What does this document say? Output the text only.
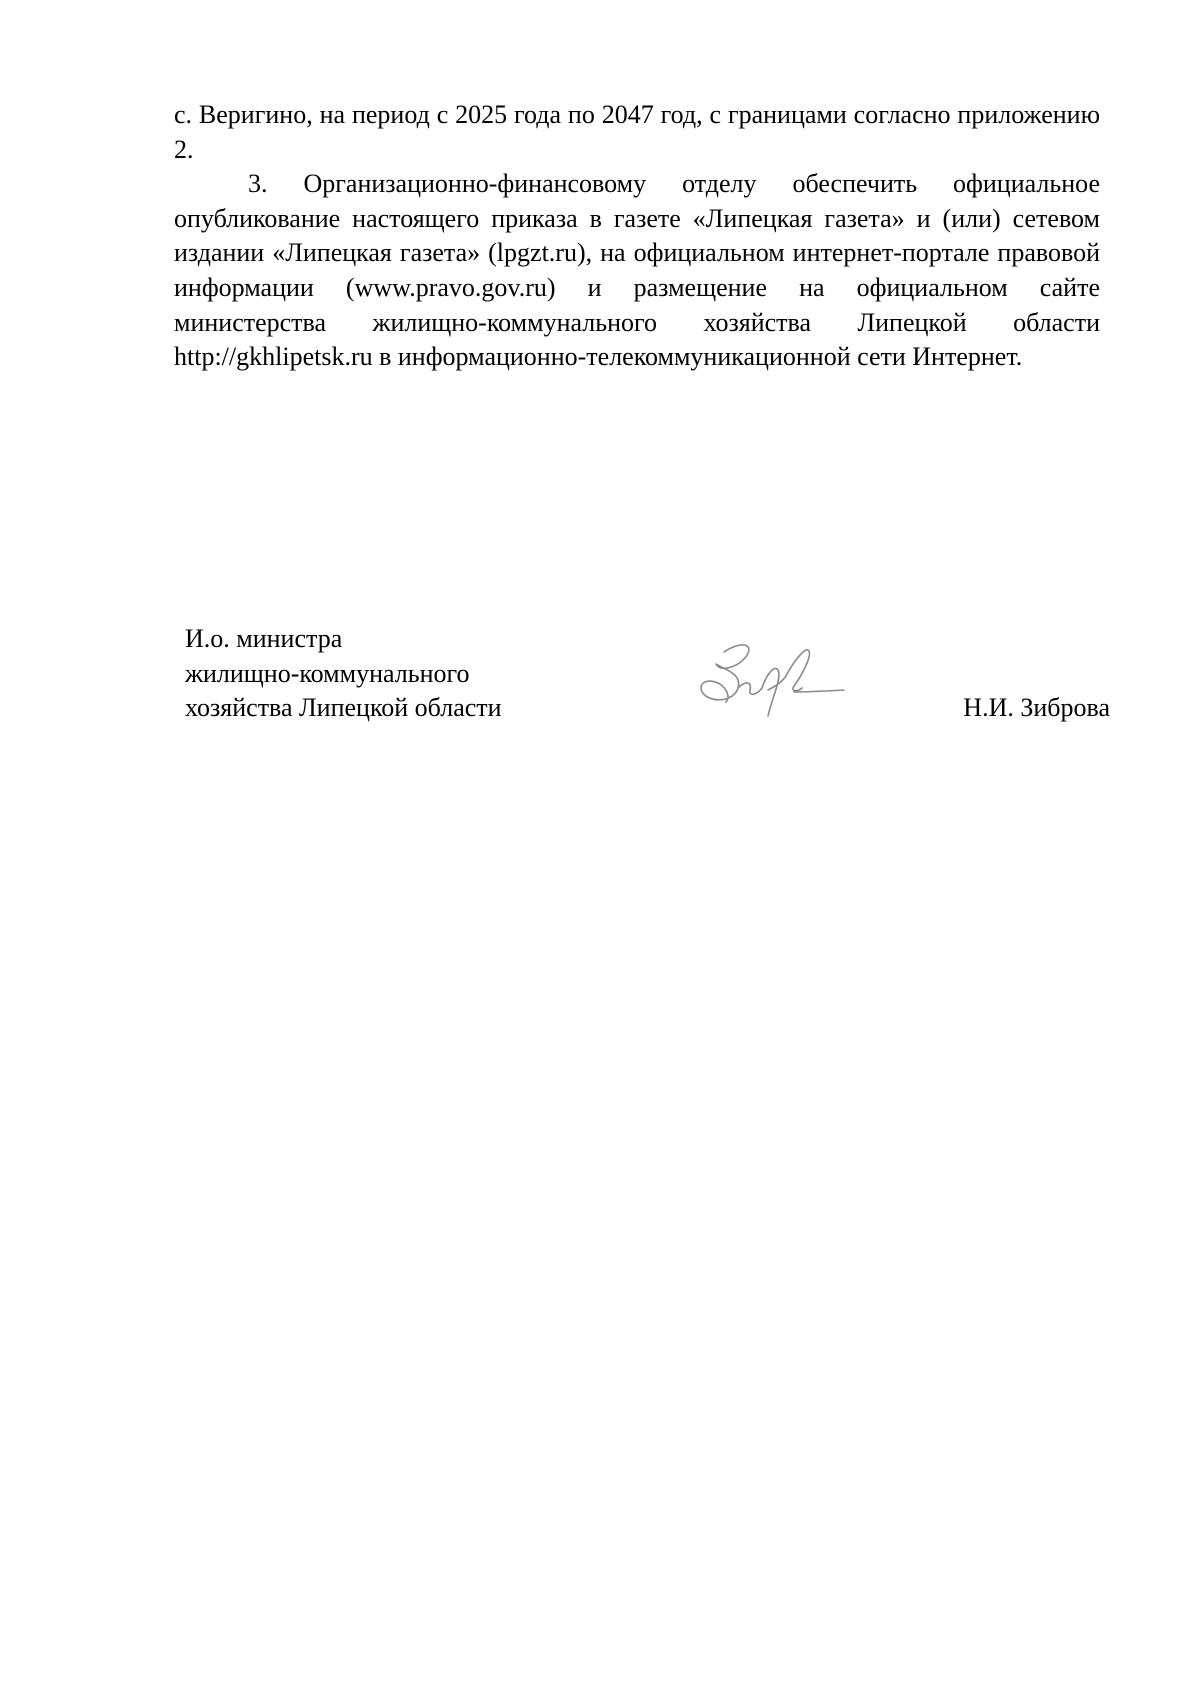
с. Веригино, на период с 2025 года по 2047 год, с границами согласно приложению 2.

3. Организационно-финансовому отделу обеспечить официальное опубликование настоящего приказа в газете «Липецкая газета» и (или) сетевом издании «Липецкая газета» (lpgzt.ru), на официальном интернет-портале правовой информации (www.pravo.gov.ru) и размещение на официальном сайте министерства жилищно-коммунального хозяйства Липецкой области http://gkhlipetsk.ru в информационно-телекоммуникационной сети Интернет.

И.о. министра
жилищно-коммунального
хозяйства Липецкой области	Н.И. Зиброва
